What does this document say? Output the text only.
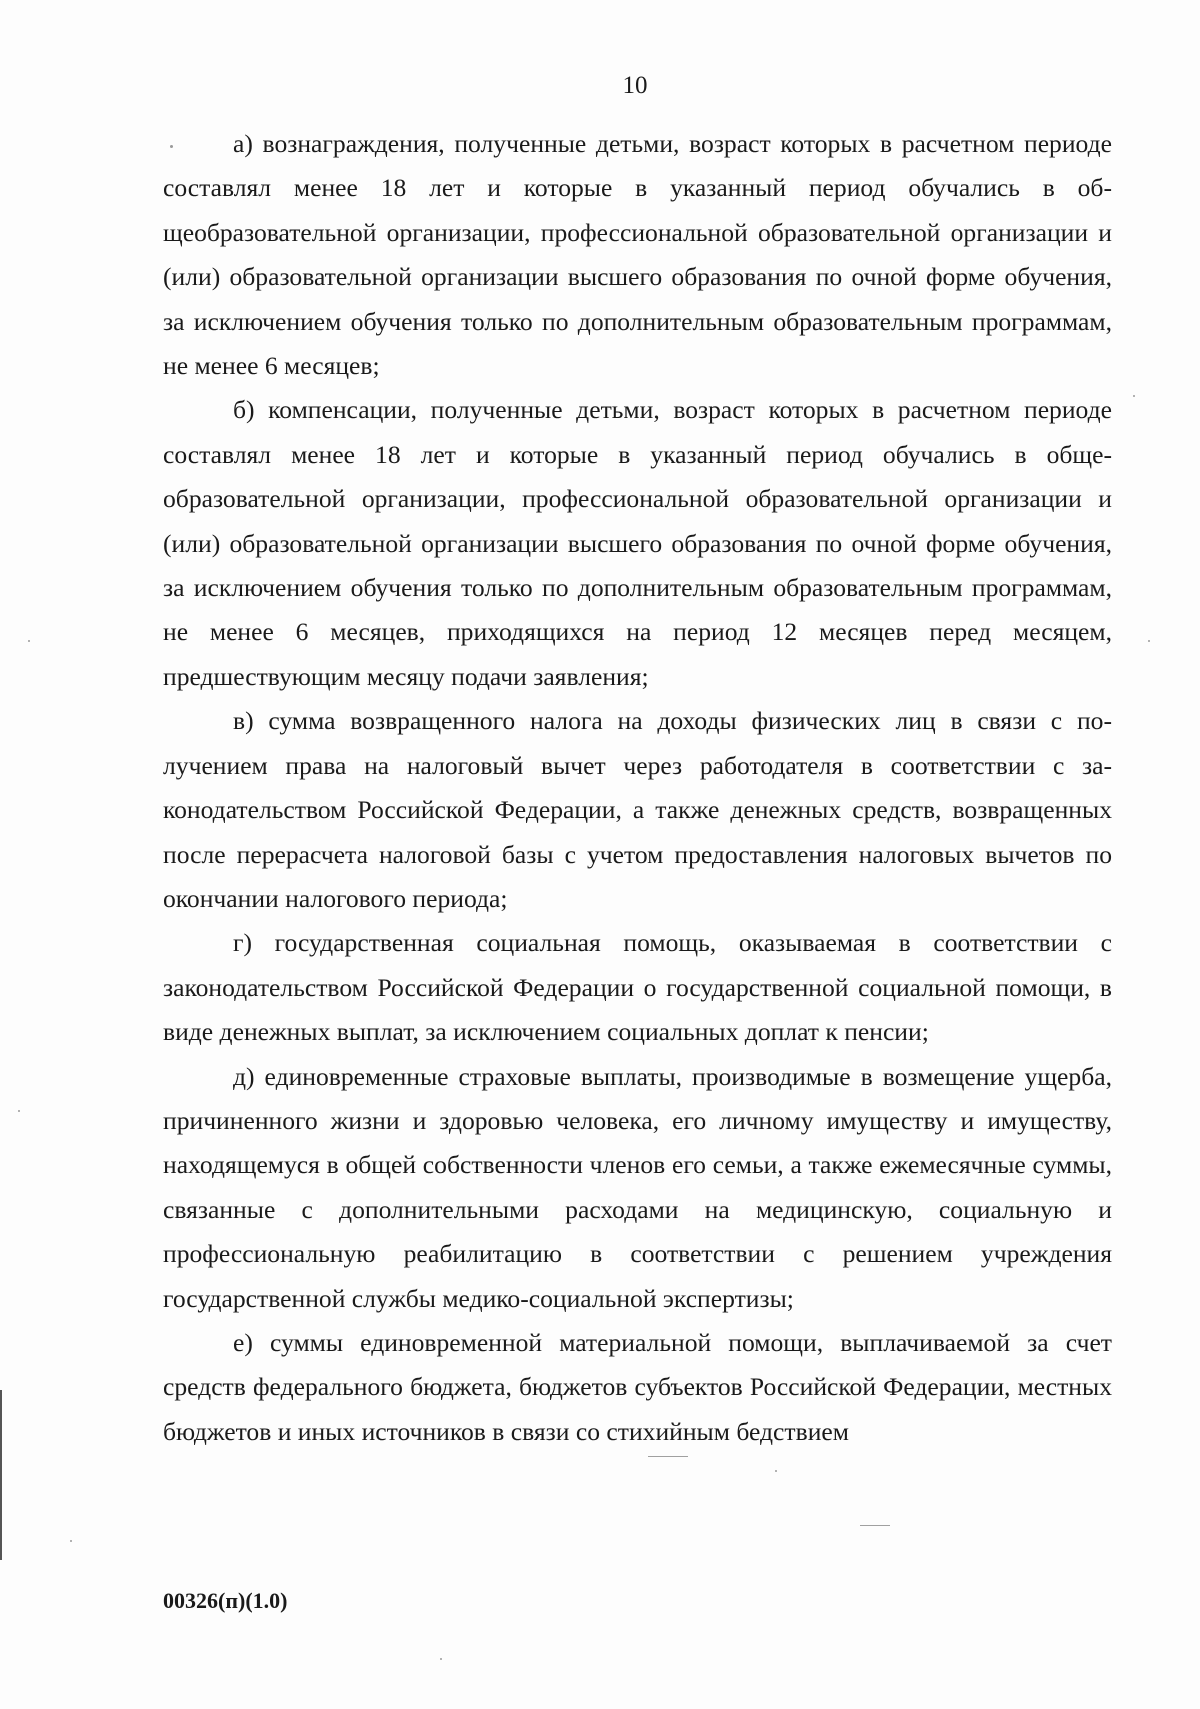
10

а) вознаграждения, полученные детьми, возраст которых в расчетном периоде составлял менее 18 лет и которые в указанный период обучались в общеобразовательной организации, профессиональной образовательной организации и (или) образовательной организации высшего образования по очной форме обучения, за исключением обучения только по дополнительным образовательным программам, не менее 6 месяцев;

б) компенсации, полученные детьми, возраст которых в расчетном периоде составлял менее 18 лет и которые в указанный период обучались в общеобразовательной организации, профессиональной образовательной организации и (или) образовательной организации высшего образования по очной форме обучения, за исключением обучения только по дополнительным образовательным программам, не менее 6 месяцев, приходящихся на период 12 месяцев перед месяцем, предшествующим месяцу подачи заявления;

в) сумма возвращенного налога на доходы физических лиц в связи с получением права на налоговый вычет через работодателя в соответствии с законодательством Российской Федерации, а также денежных средств, возвращенных после перерасчета налоговой базы с учетом предоставления налоговых вычетов по окончании налогового периода;

г) государственная социальная помощь, оказываемая в соответствии с законодательством Российской Федерации о государственной социальной помощи, в виде денежных выплат, за исключением социальных доплат к пенсии;

д) единовременные страховые выплаты, производимые в возмещение ущерба, причиненного жизни и здоровью человека, его личному имуществу и имуществу, находящемуся в общей собственности членов его семьи, а также ежемесячные суммы, связанные с дополнительными расходами на медицинскую, социальную и профессиональную реабилитацию в соответствии с решением учреждения государственной службы медико-социальной экспертизы;

е) суммы единовременной материальной помощи, выплачиваемой за счет средств федерального бюджета, бюджетов субъектов Российской Федерации, местных бюджетов и иных источников в связи со стихийным бедствием

00326(п)(1.0)
